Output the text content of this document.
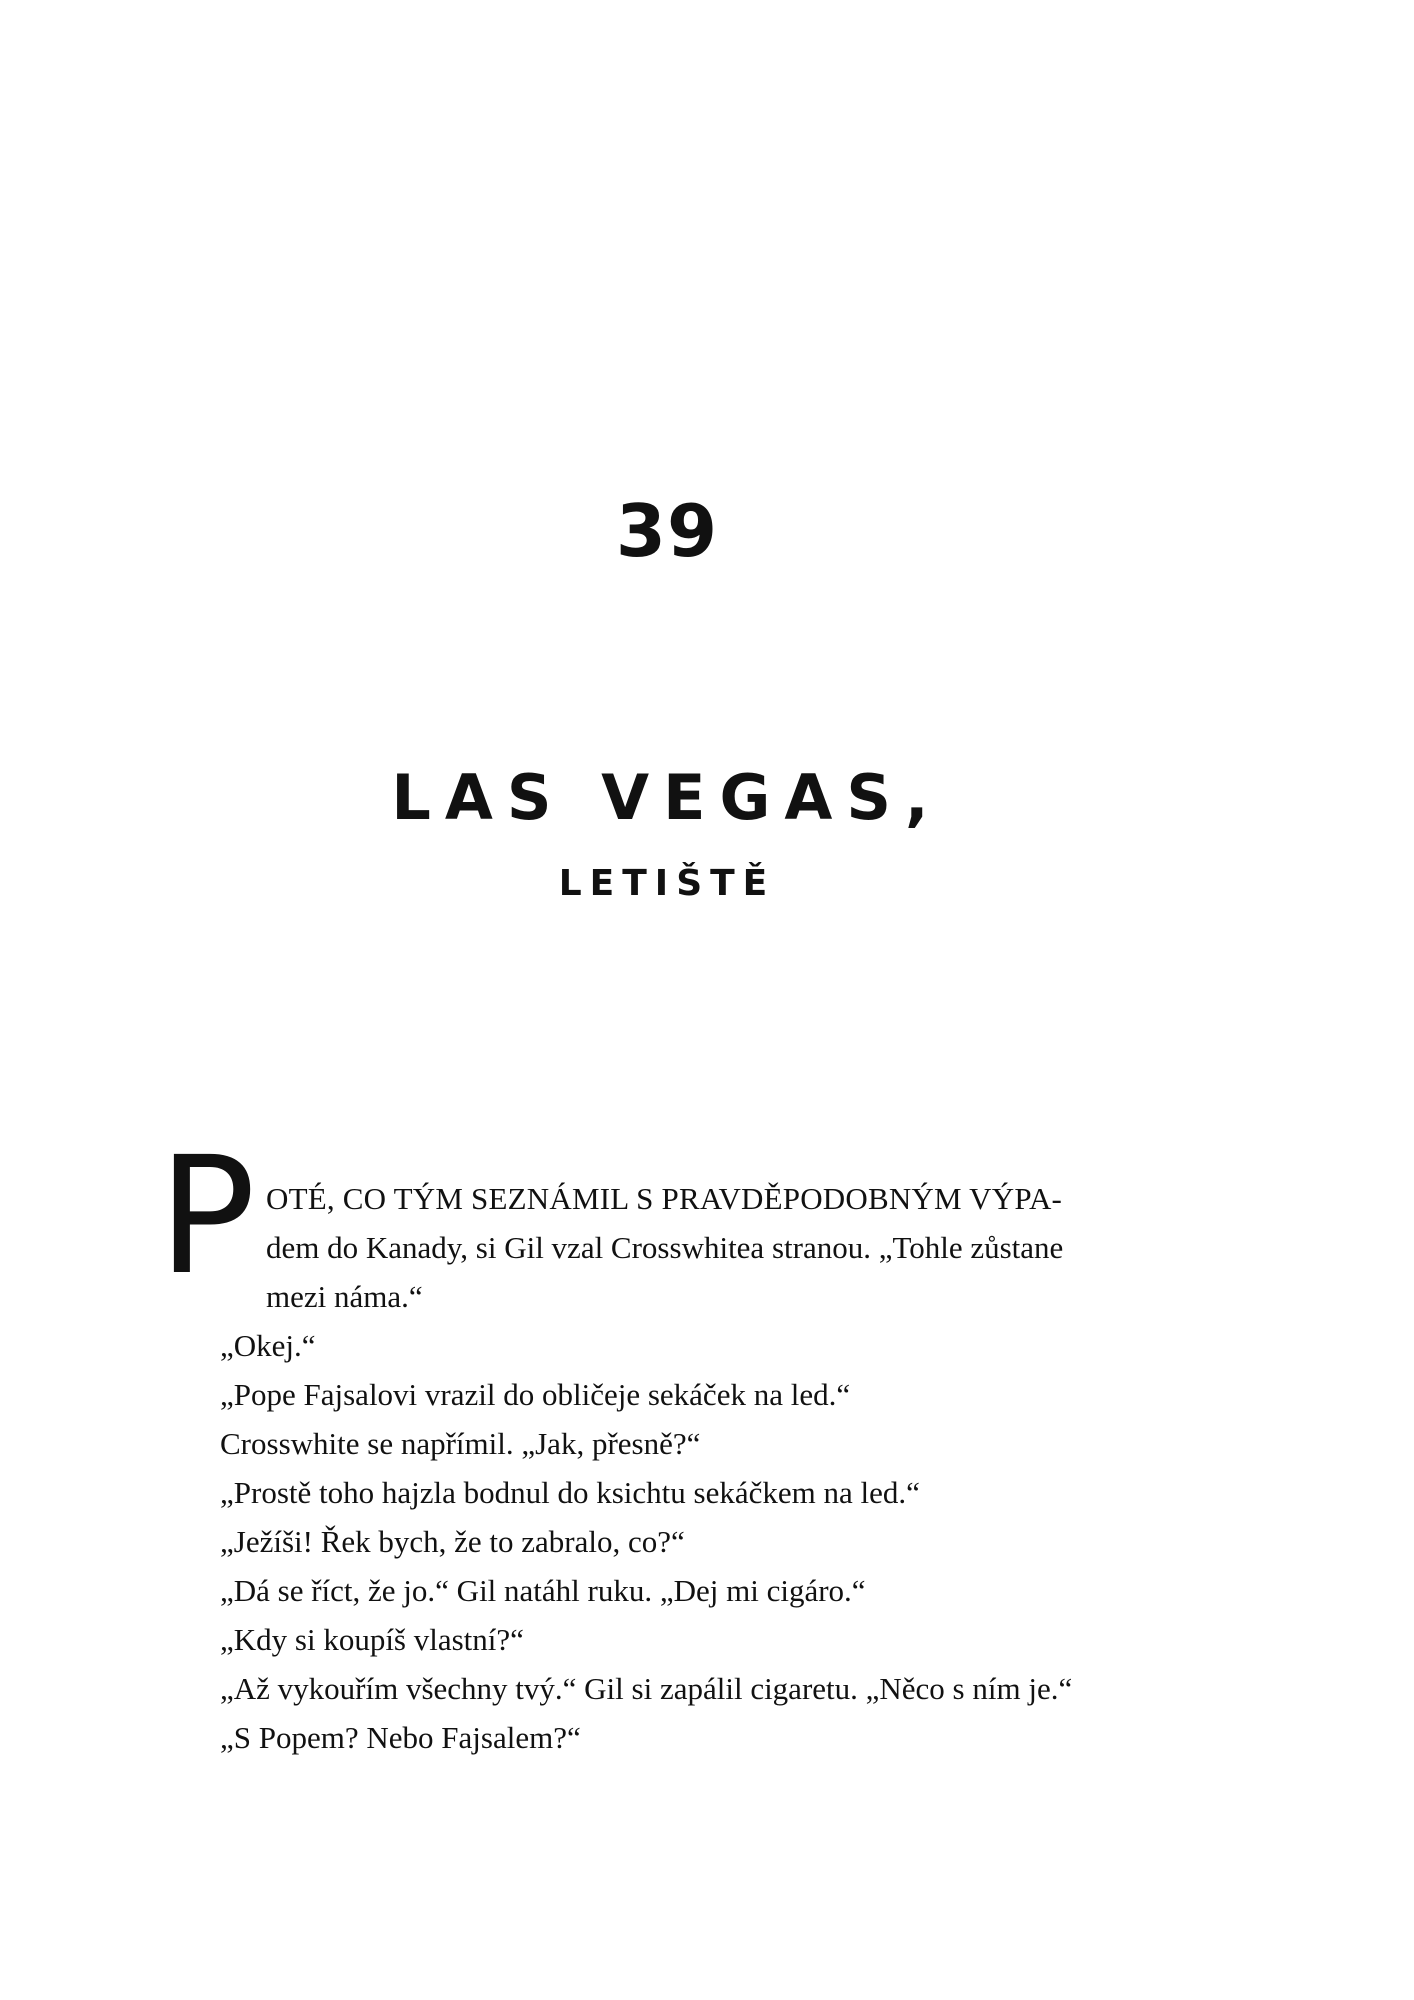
39
LAS VEGAS,
LETIŠTĚ
P OTÉ, CO TÝM SEZNÁMIL S PRAVDĚPODOBNÝM VÝPA-
dem do Kanady, si Gil vzal Crosswhitea stranou. „Tohle zůstane
mezi náma.“
„Okej.“
„Pope Fajsalovi vrazil do obličeje sekáček na led.“
Crosswhite se napřímil. „Jak, přesně?“
„Prostě toho hajzla bodnul do ksichtu sekáčkem na led.“
„Ježíši! Řek bych, že to zabralo, co?“
„Dá se říct, že jo.“ Gil natáhl ruku. „Dej mi cigáro.“
„Kdy si koupíš vlastní?“
„Až vykouřím všechny tvý.“ Gil si zapálil cigaretu. „Něco s ním je.“
„S Popem? Nebo Fajsalem?“
